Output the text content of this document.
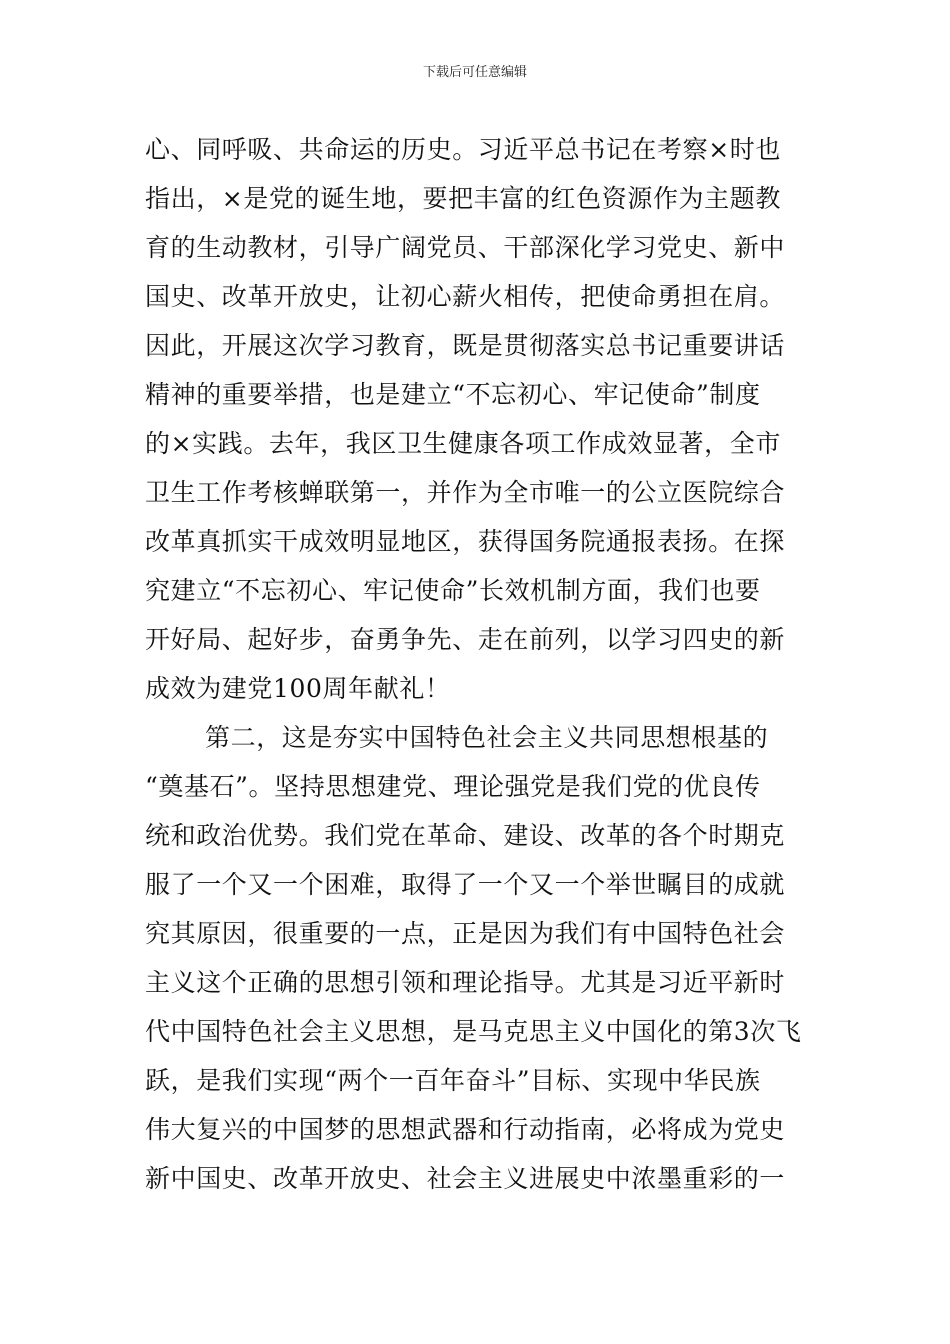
下载后可任意编辑
心、同呼吸、共命运的历史。习近平总书记在考察×时也
指出，×是党的诞生地，要把丰富的红色资源作为主题教
育的生动教材，引导广阔党员、干部深化学习党史、新中
国史、改革开放史，让初心薪火相传，把使命勇担在肩。
因此，开展这次学习教育，既是贯彻落实总书记重要讲话
精神的重要举措，也是建立“不忘初心、牢记使命”制度
的×实践。去年，我区卫生健康各项工作成效显著，全市
卫生工作考核蝉联第一，并作为全市唯一的公立医院综合
改革真抓实干成效明显地区，获得国务院通报表扬。在探
究建立“不忘初心、牢记使命”长效机制方面，我们也要
开好局、起好步，奋勇争先、走在前列，以学习四史的新
成效为建党100周年献礼！
第二，这是夯实中国特色社会主义共同思想根基的
“奠基石”。坚持思想建党、理论强党是我们党的优良传
统和政治优势。我们党在革命、建设、改革的各个时期克
服了一个又一个困难，取得了一个又一个举世瞩目的成就
究其原因，很重要的一点，正是因为我们有中国特色社会
主义这个正确的思想引领和理论指导。尤其是习近平新时
代中国特色社会主义思想，是马克思主义中国化的第3次飞
跃，是我们实现“两个一百年奋斗”目标、实现中华民族
伟大复兴的中国梦的思想武器和行动指南，必将成为党史
新中国史、改革开放史、社会主义进展史中浓墨重彩的一
